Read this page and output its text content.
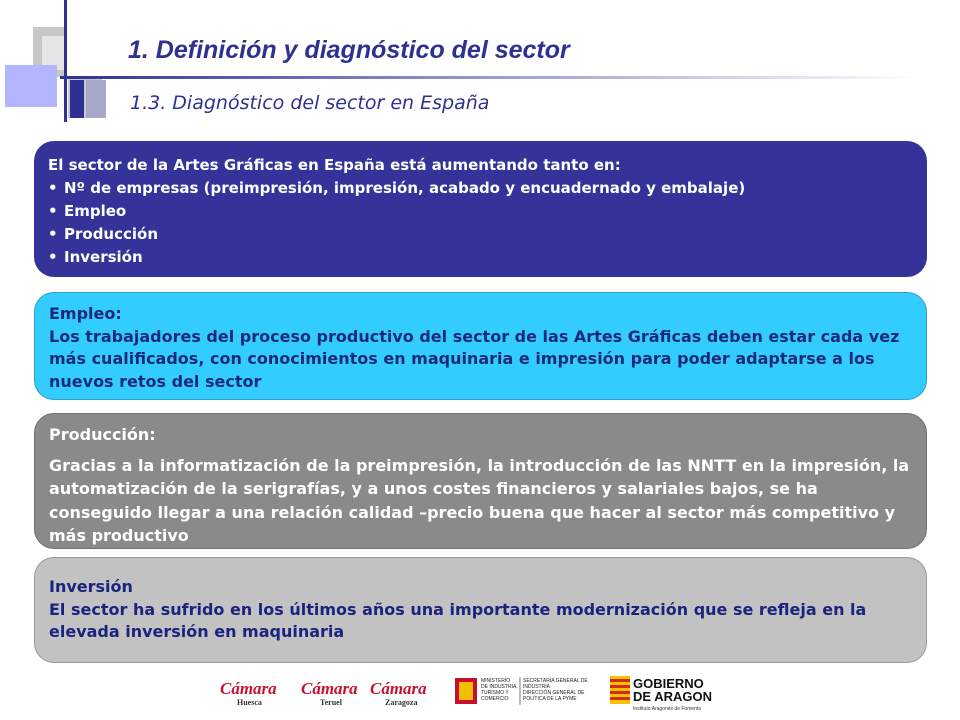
1. Definición y diagnóstico del sector
1.3. Diagnóstico del sector en España
El sector de la Artes Gráficas en España está aumentando tanto en:
• Nº de empresas (preimpresión, impresión, acabado y encuadernado y embalaje)
• Empleo
• Producción
• Inversión
Empleo:
Los trabajadores del proceso productivo del sector de las Artes Gráficas deben estar cada vez más cualificados, con conocimientos en maquinaria e impresión para poder adaptarse a los nuevos retos del sector
Producción:
Gracias a la informatización de la preimpresión, la introducción de las NNTT en la impresión, la automatización de la serigrafías, y a unos costes financieros y salariales bajos, se ha conseguido llegar a una relación calidad –precio buena que hacer al sector más competitivo y más productivo
Inversión
El sector ha sufrido en los últimos años una importante modernización que se refleja en la elevada inversión en maquinaria
Cámara
Huesca
Cámara
Teruel
Cámara
Zaragoza
MINISTERIO
DE INDUSTRIA,
TURISMO Y
COMERCIO
SECRETARÍA GENERAL DE
INDUSTRIA
DIRECCIÓN GENERAL DE
POLÍTICA DE LA PYME
GOBIERNO
DE ARAGON
Instituto Aragonés de Fomento
